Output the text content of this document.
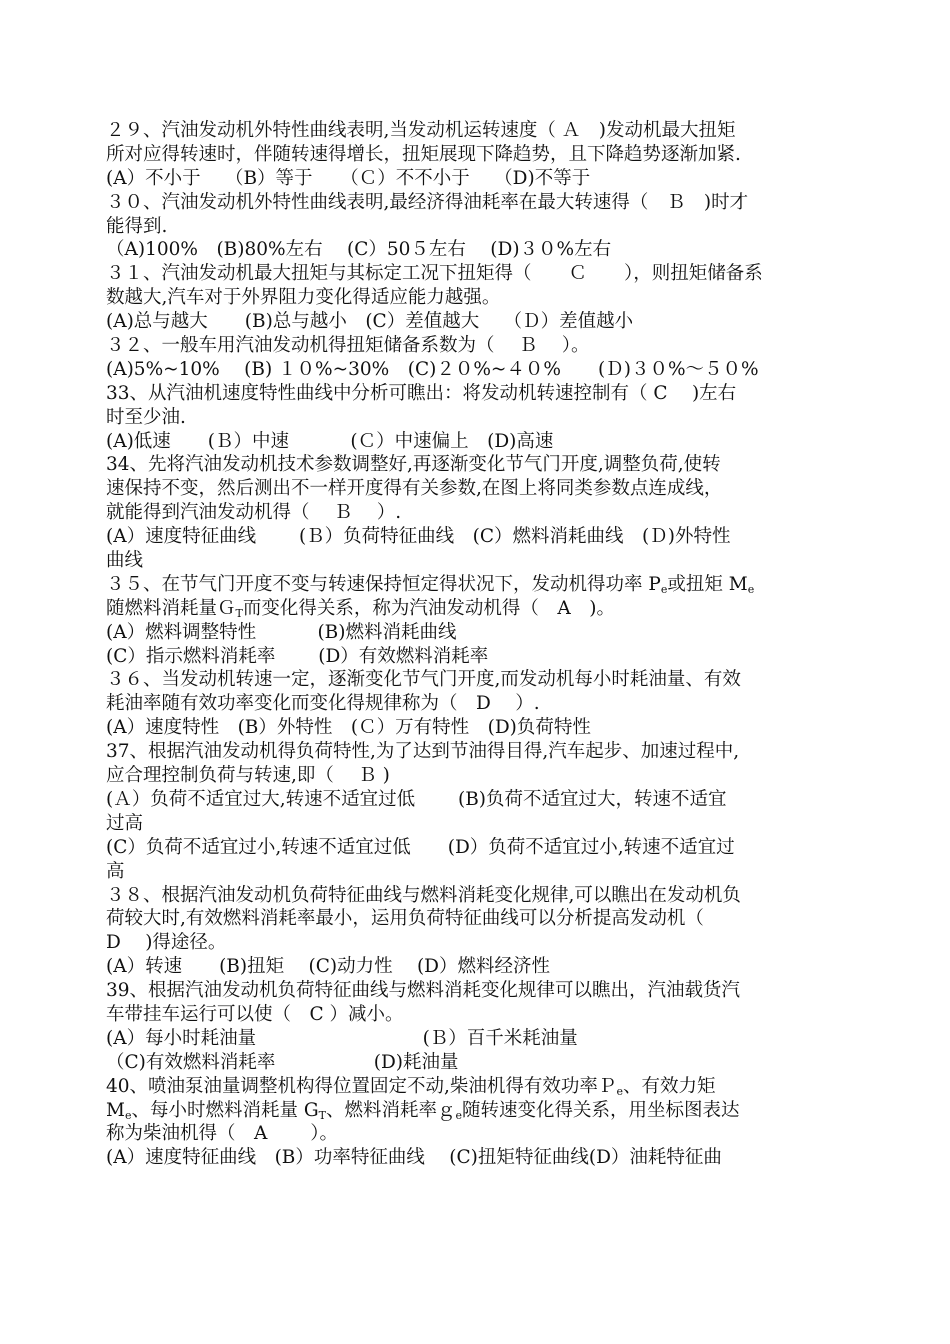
２９、汽油发动机外特性曲线表明,当发动机运转速度（ Ａ　)发动机最大扭矩
所对应得转速时，伴随转速得增长，扭矩展现下降趋势，且下降趋势逐渐加紧.
(A）不小于　 （B）等于　　（Ｃ）不不小于　 （D)不等于
３０、汽油发动机外特性曲线表明,最经济得油耗率在最大转速得（　Ｂ　)时才
能得到.
（A)100%　(B)80%左右　 (C）50５左右　 (D)３０%左右
３１、汽油发动机最大扭矩与其标定工况下扭矩得（　　Ｃ　　），则扭矩储备系
数越大,汽车对于外界阻力变化得适应能力越强。
(A)总与越大　　(B)总与越小　(C）差值越大　 （Ｄ）差值越小
３２、一般车用汽油发动机得扭矩储备系数为（　 Ｂ　 ）。
(A)5%~10%　 (B) １０%~30%　(C)２０%~４０%　　(Ｄ)３０%～５０%
33、从汽油机速度特性曲线中分析可瞧出：将发动机转速控制有（ C　 )左右
时至少油.
(A)低速　　(Ｂ）中速　　　 (Ｃ）中速偏上　(D)高速
34、先将汽油发动机技术参数调整好,再逐渐变化节气门开度,调整负荷,使转
速保持不变，然后测出不一样开度得有关参数,在图上将同类参数点连成线，
就能得到汽油发动机得（　 Ｂ　 ）.
(A）速度特征曲线　　 (Ｂ）负荷特征曲线　(C）燃料消耗曲线　(Ｄ)外特性
曲线
３５、在节气门开度不变与转速保持恒定得状况下，发动机得功率 $P_e$或扭矩 $M_e$
随燃料消耗量Ｇ$_T$而变化得关系，称为汽油发动机得（　A　)。
(A）燃料调整特性　　　 (B)燃料消耗曲线
(C）指示燃料消耗率　　 (D）有效燃料消耗率
３６、当发动机转速一定，逐渐变化节气门开度,而发动机每小时耗油量、有效
耗油率随有效功率变化而变化得规律称为（　D　 ）.
(A）速度特性　(B）外特性　(Ｃ）万有特性　(D)负荷特性
37、根据汽油发动机得负荷特性,为了达到节油得目得,汽车起步、加速过程中,
应合理控制负荷与转速,即（　 Ｂ )
(Ａ）负荷不适宜过大,转速不适宜过低　　 (B)负荷不适宜过大，转速不适宜
过高
(C）负荷不适宜过小,转速不适宜过低　　(D）负荷不适宜过小,转速不适宜过
高
３８、根据汽油发动机负荷特征曲线与燃料消耗变化规律,可以瞧出在发动机负
荷较大时,有效燃料消耗率最小，运用负荷特征曲线可以分析提高发动机（
D　 )得途径。
(A）转速　　(B)扭矩　 (C)动力性　 (D）燃料经济性
39、根据汽油发动机负荷特征曲线与燃料消耗变化规律可以瞧出，汽油载货汽
车带挂车运行可以使（　C ）减小。
(A）每小时耗油量　　　　　　　　　(Ｂ）百千米耗油量
（C)有效燃料消耗率　　　　　 (D)耗油量
40、喷油泵油量调整机构得位置固定不动,柴油机得有效功率Ｐ$_e$、有效力矩
$M_e$、每小时燃料消耗量 $G_T$、燃料消耗率ｇ$_e$随转速变化得关系，用坐标图表达
称为柴油机得（　A　　 ）。
(A）速度特征曲线　(B）功率特征曲线　 (C)扭矩特征曲线(D）油耗特征曲
